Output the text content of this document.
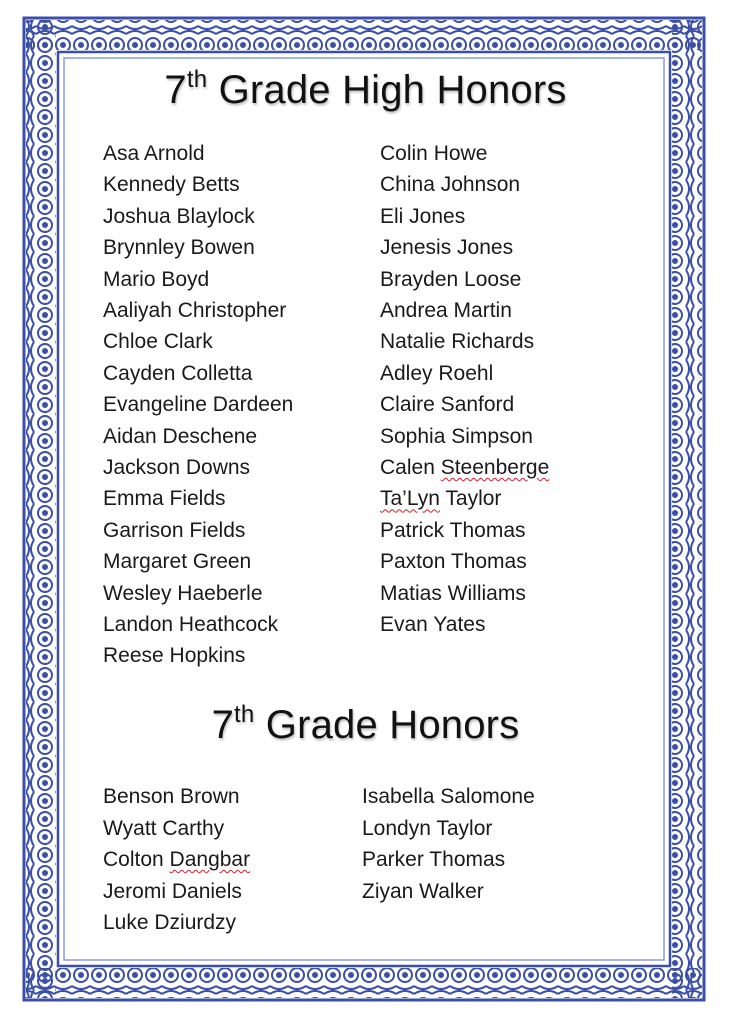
7th Grade High Honors
Asa Arnold
Kennedy Betts
Joshua Blaylock
Brynnley Bowen
Mario Boyd
Aaliyah Christopher
Chloe Clark
Cayden Colletta
Evangeline Dardeen
Aidan Deschene
Jackson Downs
Emma Fields
Garrison Fields
Margaret Green
Wesley Haeberle
Landon Heathcock
Reese Hopkins
Colin Howe
China Johnson
Eli Jones
Jenesis Jones
Brayden Loose
Andrea Martin
Natalie Richards
Adley Roehl
Claire Sanford
Sophia Simpson
Calen Steenberge
Ta’Lyn Taylor
Patrick Thomas
Paxton Thomas
Matias Williams
Evan Yates
7th Grade Honors
Benson Brown
Wyatt Carthy
Colton Dangbar
Jeromi Daniels
Luke Dziurdzy
Isabella Salomone
Londyn Taylor
Parker Thomas
Ziyan Walker
